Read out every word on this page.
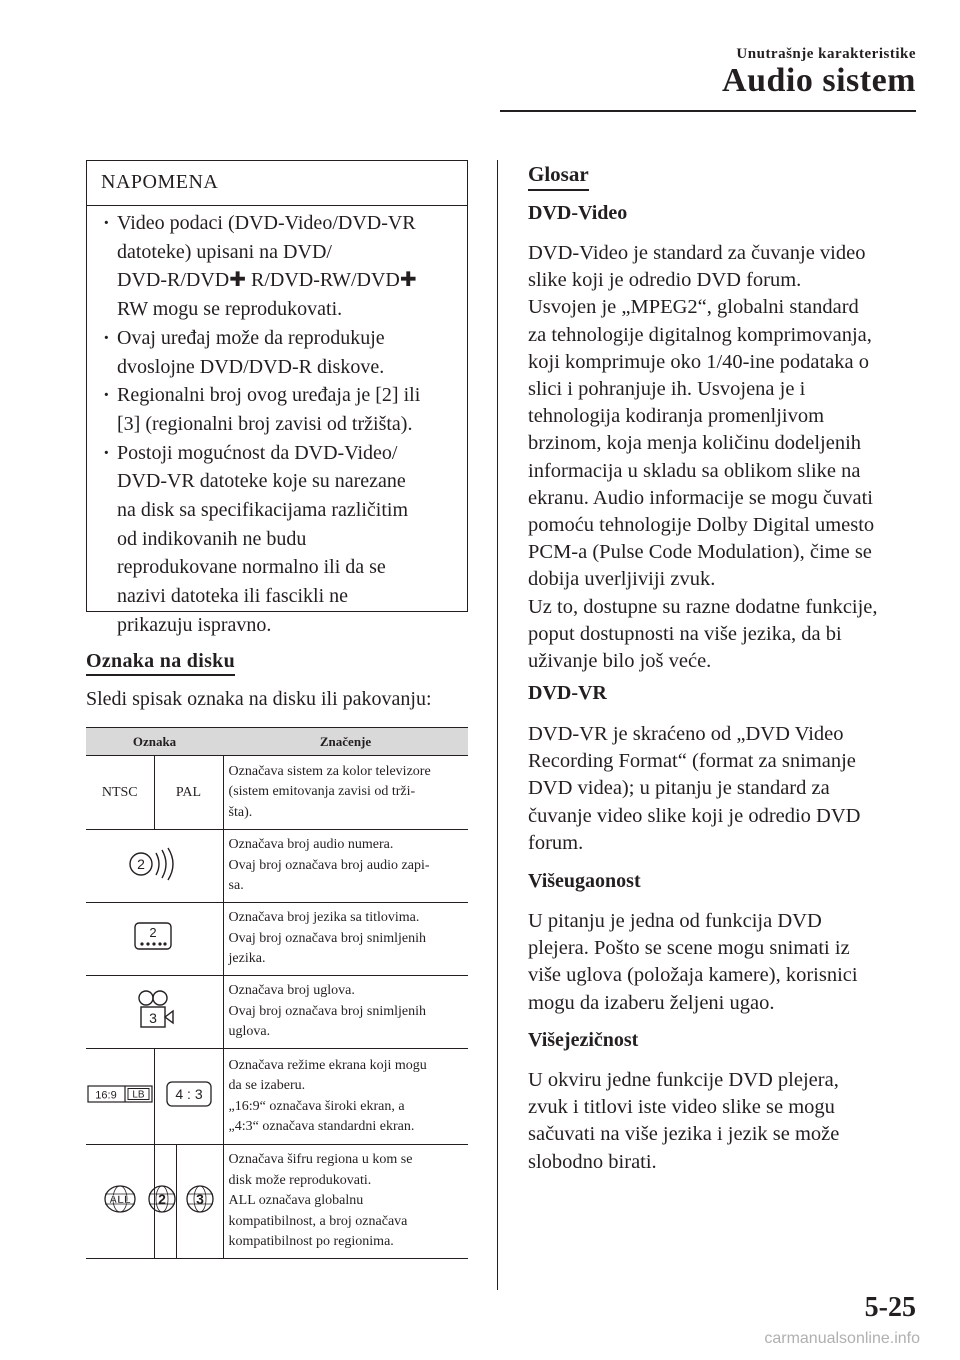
Unutrašnje karakteristike
Audio sistem
NAPOMENA
· Video podaci (DVD-Video/DVD-VR
datoteke) upisani na DVD/
DVD-R/DVD✚ R/DVD-RW/DVD✚
RW mogu se reprodukovati.
· Ovaj uređaj može da reprodukuje
dvoslojne DVD/DVD-R diskove.
· Regionalni broj ovog uređaja je [2] ili
[3] (regionalni broj zavisi od tržišta).
· Postoji mogućnost da DVD-Video/
DVD-VR datoteke koje su narezane
na disk sa specifikacijama različitim
od indikovanih ne budu
reprodukovane normalno ili da se
nazivi datoteka ili fascikli ne
prikazuju ispravno.
Oznaka na disku
Sledi spisak oznaka na disku ili pakovanju:
Oznaka			Značenje
NTSC	PAL		Označava sistem za kolor televizore
(sistem emitovanja zavisi od trži-
šta).

2			Označava broj audio numera.
Ovaj broj označava broj audio zapi-
sa.

2			Označava broj jezika sa titlovima.
Ovaj broj označava broj snimljenih
jezika.

3			Označava broj uglova.
Ovaj broj označava broj snimljenih
uglova.

16:9 LB	4 : 3		Označava režime ekrana koji mogu
da se izaberu.
„16:9“ označava široki ekran, a
„4:3“ označava standardni ekran.

ALL	2	3	Označava šifru regiona u kom se
disk može reprodukovati.
ALL označava globalnu
kompatibilnost, a broj označava
kompatibilnost po regionima.
Glosar
DVD-Video
DVD-Video je standard za čuvanje video
slike koji je odredio DVD forum.
Usvojen je „MPEG2“, globalni standard
za tehnologije digitalnog komprimovanja,
koji komprimuje oko 1/40-ine podataka o
slici i pohranjuje ih. Usvojena je i
tehnologija kodiranja promenljivom
brzinom, koja menja količinu dodeljenih
informacija u skladu sa oblikom slike na
ekranu. Audio informacije se mogu čuvati
pomoću tehnologije Dolby Digital umesto
PCM-a (Pulse Code Modulation), čime se
dobija uverljiviji zvuk.
Uz to, dostupne su razne dodatne funkcije,
poput dostupnosti na više jezika, da bi
uživanje bilo još veće.
DVD-VR
DVD-VR je skraćeno od „DVD Video
Recording Format“ (format za snimanje
DVD videa); u pitanju je standard za
čuvanje video slike koji je odredio DVD
forum.
Višeugaonost
U pitanju je jedna od funkcija DVD
plejera. Pošto se scene mogu snimati iz
više uglova (položaja kamere), korisnici
mogu da izaberu željeni ugao.
Višejezičnost
U okviru jedne funkcije DVD plejera,
zvuk i titlovi iste video slike se mogu
sačuvati na više jezika i jezik se može
slobodno birati.
5-25
carmanualsonline.info
